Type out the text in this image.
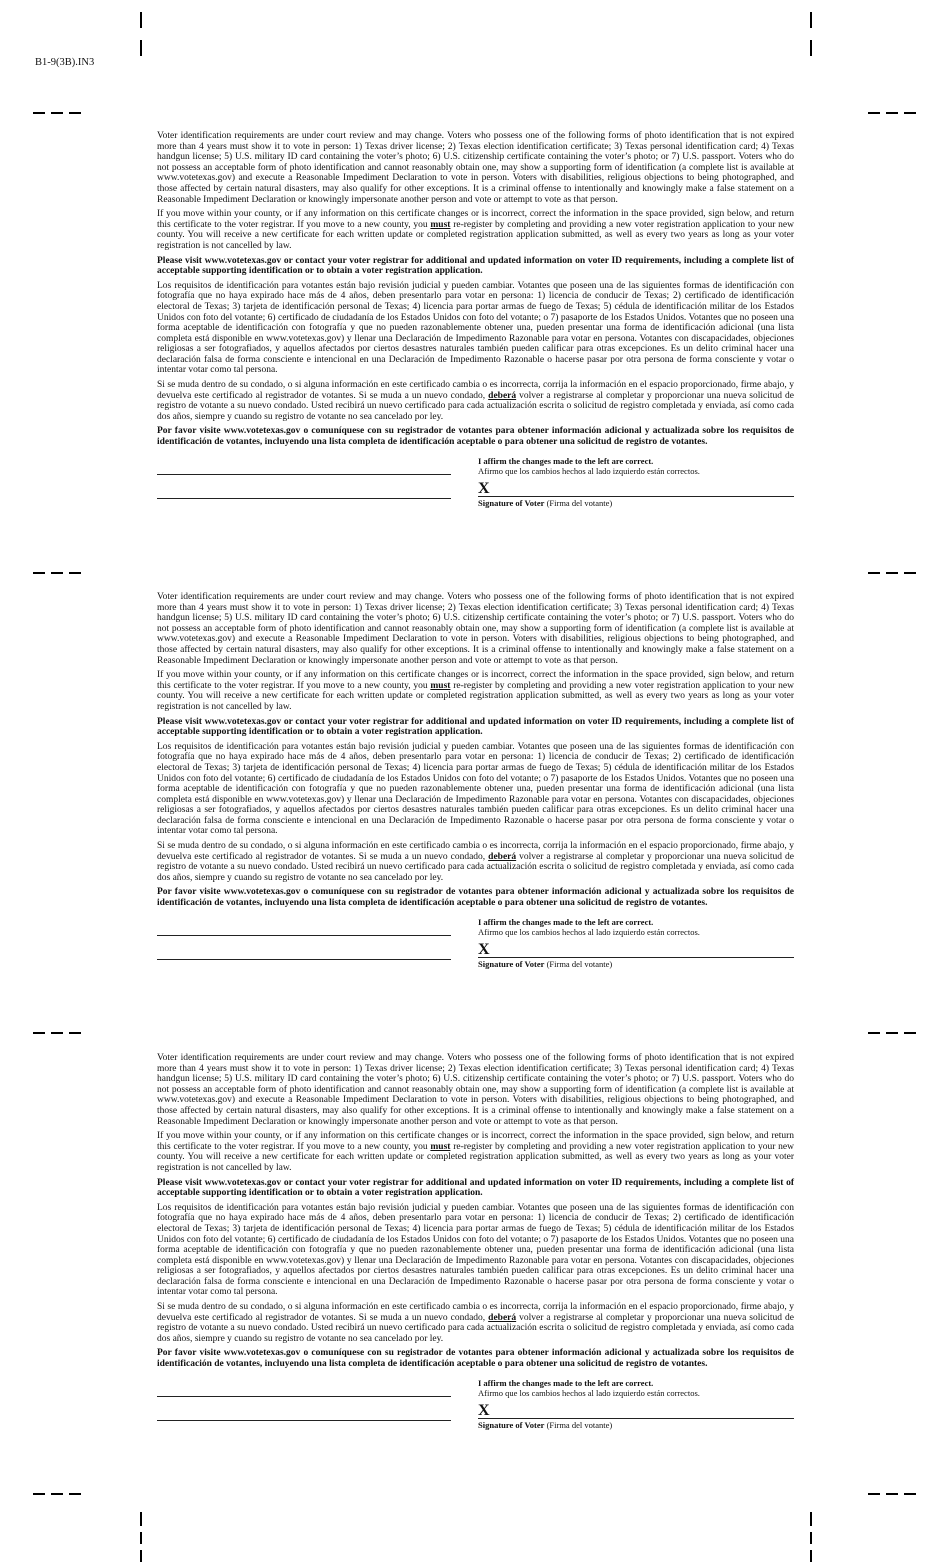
B1-9(3B).IN3

Voter identification requirements are under court review and may change. Voters who possess one of the following forms of photo identification that is not expired more than 4 years must show it to vote in person: 1) Texas driver license; 2) Texas election identification certificate; 3) Texas personal identification card; 4) Texas handgun license; 5) U.S. military ID card containing the voter’s photo; 6) U.S. citizenship certificate containing the voter’s photo; or 7) U.S. passport. Voters who do not possess an acceptable form of photo identification and cannot reasonably obtain one, may show a supporting form of identification (a complete list is available at www.votetexas.gov) and execute a Reasonable Impediment Declaration to vote in person. Voters with disabilities, religious objections to being photographed, and those affected by certain natural disasters, may also qualify for other exceptions. It is a criminal offense to intentionally and knowingly make a false statement on a Reasonable Impediment Declaration or knowingly impersonate another person and vote or attempt to vote as that person.

If you move within your county, or if any information on this certificate changes or is incorrect, correct the information in the space provided, sign below, and return this certificate to the voter registrar. If you move to a new county, you must re-register by completing and providing a new voter registration application to your new county. You will receive a new certificate for each written update or completed registration application submitted, as well as every two years as long as your voter registration is not cancelled by law.

Please visit www.votetexas.gov or contact your voter registrar for additional and updated information on voter ID requirements, including a complete list of acceptable supporting identification or to obtain a voter registration application.

Los requisitos de identificación para votantes están bajo revisión judicial y pueden cambiar. Votantes que poseen una de las siguientes formas de identificación con fotografía que no haya expirado hace más de 4 años, deben presentarlo para votar en persona: 1) licencia de conducir de Texas; 2) certificado de identificación electoral de Texas; 3) tarjeta de identificación personal de Texas; 4) licencia para portar armas de fuego de Texas; 5) cédula de identificación militar de los Estados Unidos con foto del votante; 6) certificado de ciudadanía de los Estados Unidos con foto del votante; o 7) pasaporte de los Estados Unidos. Votantes que no poseen una forma aceptable de identificación con fotografía y que no pueden razonablemente obtener una, pueden presentar una forma de identificación adicional (una lista completa está disponible en www.votetexas.gov) y llenar una Declaración de Impedimento Razonable para votar en persona. Votantes con discapacidades, objeciones religiosas a ser fotografiados, y aquellos afectados por ciertos desastres naturales también pueden calificar para otras excepciones. Es un delito criminal hacer una declaración falsa de forma consciente e intencional en una Declaración de Impedimento Razonable o hacerse pasar por otra persona de forma consciente y votar o intentar votar como tal persona.

Si se muda dentro de su condado, o si alguna información en este certificado cambia o es incorrecta, corrija la información en el espacio proporcionado, firme abajo, y devuelva este certificado al registrador de votantes. Si se muda a un nuevo condado, deberá volver a registrarse al completar y proporcionar una nueva solicitud de registro de votante a su nuevo condado. Usted recibirá un nuevo certificado para cada actualización escrita o solicitud de registro completada y enviada, así como cada dos años, siempre y cuando su registro de votante no sea cancelado por ley.

Por favor visite www.votetexas.gov o comuníquese con su registrador de votantes para obtener información adicional y actualizada sobre los requisitos de identificación de votantes, incluyendo una lista completa de identificación aceptable o para obtener una solicitud de registro de votantes.

I affirm the changes made to the left are correct.
Afirmo que los cambios hechos al lado izquierdo están correctos.
X
Signature of Voter (Firma del votante)

Voter identification requirements are under court review and may change. Voters who possess one of the following forms of photo identification that is not expired more than 4 years must show it to vote in person: 1) Texas driver license; 2) Texas election identification certificate; 3) Texas personal identification card; 4) Texas handgun license; 5) U.S. military ID card containing the voter’s photo; 6) U.S. citizenship certificate containing the voter’s photo; or 7) U.S. passport. Voters who do not possess an acceptable form of photo identification and cannot reasonably obtain one, may show a supporting form of identification (a complete list is available at www.votetexas.gov) and execute a Reasonable Impediment Declaration to vote in person. Voters with disabilities, religious objections to being photographed, and those affected by certain natural disasters, may also qualify for other exceptions. It is a criminal offense to intentionally and knowingly make a false statement on a Reasonable Impediment Declaration or knowingly impersonate another person and vote or attempt to vote as that person.

If you move within your county, or if any information on this certificate changes or is incorrect, correct the information in the space provided, sign below, and return this certificate to the voter registrar. If you move to a new county, you must re-register by completing and providing a new voter registration application to your new county. You will receive a new certificate for each written update or completed registration application submitted, as well as every two years as long as your voter registration is not cancelled by law.

Please visit www.votetexas.gov or contact your voter registrar for additional and updated information on voter ID requirements, including a complete list of acceptable supporting identification or to obtain a voter registration application.

Los requisitos de identificación para votantes están bajo revisión judicial y pueden cambiar. Votantes que poseen una de las siguientes formas de identificación con fotografía que no haya expirado hace más de 4 años, deben presentarlo para votar en persona: 1) licencia de conducir de Texas; 2) certificado de identificación electoral de Texas; 3) tarjeta de identificación personal de Texas; 4) licencia para portar armas de fuego de Texas; 5) cédula de identificación militar de los Estados Unidos con foto del votante; 6) certificado de ciudadanía de los Estados Unidos con foto del votante; o 7) pasaporte de los Estados Unidos. Votantes que no poseen una forma aceptable de identificación con fotografía y que no pueden razonablemente obtener una, pueden presentar una forma de identificación adicional (una lista completa está disponible en www.votetexas.gov) y llenar una Declaración de Impedimento Razonable para votar en persona. Votantes con discapacidades, objeciones religiosas a ser fotografiados, y aquellos afectados por ciertos desastres naturales también pueden calificar para otras excepciones. Es un delito criminal hacer una declaración falsa de forma consciente e intencional en una Declaración de Impedimento Razonable o hacerse pasar por otra persona de forma consciente y votar o intentar votar como tal persona.

Si se muda dentro de su condado, o si alguna información en este certificado cambia o es incorrecta, corrija la información en el espacio proporcionado, firme abajo, y devuelva este certificado al registrador de votantes. Si se muda a un nuevo condado, deberá volver a registrarse al completar y proporcionar una nueva solicitud de registro de votante a su nuevo condado. Usted recibirá un nuevo certificado para cada actualización escrita o solicitud de registro completada y enviada, así como cada dos años, siempre y cuando su registro de votante no sea cancelado por ley.

Por favor visite www.votetexas.gov o comuníquese con su registrador de votantes para obtener información adicional y actualizada sobre los requisitos de identificación de votantes, incluyendo una lista completa de identificación aceptable o para obtener una solicitud de registro de votantes.

I affirm the changes made to the left are correct.
Afirmo que los cambios hechos al lado izquierdo están correctos.
X
Signature of Voter (Firma del votante)

Voter identification requirements are under court review and may change. Voters who possess one of the following forms of photo identification that is not expired more than 4 years must show it to vote in person: 1) Texas driver license; 2) Texas election identification certificate; 3) Texas personal identification card; 4) Texas handgun license; 5) U.S. military ID card containing the voter’s photo; 6) U.S. citizenship certificate containing the voter’s photo; or 7) U.S. passport. Voters who do not possess an acceptable form of photo identification and cannot reasonably obtain one, may show a supporting form of identification (a complete list is available at www.votetexas.gov) and execute a Reasonable Impediment Declaration to vote in person. Voters with disabilities, religious objections to being photographed, and those affected by certain natural disasters, may also qualify for other exceptions. It is a criminal offense to intentionally and knowingly make a false statement on a Reasonable Impediment Declaration or knowingly impersonate another person and vote or attempt to vote as that person.

If you move within your county, or if any information on this certificate changes or is incorrect, correct the information in the space provided, sign below, and return this certificate to the voter registrar. If you move to a new county, you must re-register by completing and providing a new voter registration application to your new county. You will receive a new certificate for each written update or completed registration application submitted, as well as every two years as long as your voter registration is not cancelled by law.

Please visit www.votetexas.gov or contact your voter registrar for additional and updated information on voter ID requirements, including a complete list of acceptable supporting identification or to obtain a voter registration application.

Los requisitos de identificación para votantes están bajo revisión judicial y pueden cambiar. Votantes que poseen una de las siguientes formas de identificación con fotografía que no haya expirado hace más de 4 años, deben presentarlo para votar en persona: 1) licencia de conducir de Texas; 2) certificado de identificación electoral de Texas; 3) tarjeta de identificación personal de Texas; 4) licencia para portar armas de fuego de Texas; 5) cédula de identificación militar de los Estados Unidos con foto del votante; 6) certificado de ciudadanía de los Estados Unidos con foto del votante; o 7) pasaporte de los Estados Unidos. Votantes que no poseen una forma aceptable de identificación con fotografía y que no pueden razonablemente obtener una, pueden presentar una forma de identificación adicional (una lista completa está disponible en www.votetexas.gov) y llenar una Declaración de Impedimento Razonable para votar en persona. Votantes con discapacidades, objeciones religiosas a ser fotografiados, y aquellos afectados por ciertos desastres naturales también pueden calificar para otras excepciones. Es un delito criminal hacer una declaración falsa de forma consciente e intencional en una Declaración de Impedimento Razonable o hacerse pasar por otra persona de forma consciente y votar o intentar votar como tal persona.

Si se muda dentro de su condado, o si alguna información en este certificado cambia o es incorrecta, corrija la información en el espacio proporcionado, firme abajo, y devuelva este certificado al registrador de votantes. Si se muda a un nuevo condado, deberá volver a registrarse al completar y proporcionar una nueva solicitud de registro de votante a su nuevo condado. Usted recibirá un nuevo certificado para cada actualización escrita o solicitud de registro completada y enviada, así como cada dos años, siempre y cuando su registro de votante no sea cancelado por ley.

Por favor visite www.votetexas.gov o comuníquese con su registrador de votantes para obtener información adicional y actualizada sobre los requisitos de identificación de votantes, incluyendo una lista completa de identificación aceptable o para obtener una solicitud de registro de votantes.

I affirm the changes made to the left are correct.
Afirmo que los cambios hechos al lado izquierdo están correctos.
X
Signature of Voter (Firma del votante)
